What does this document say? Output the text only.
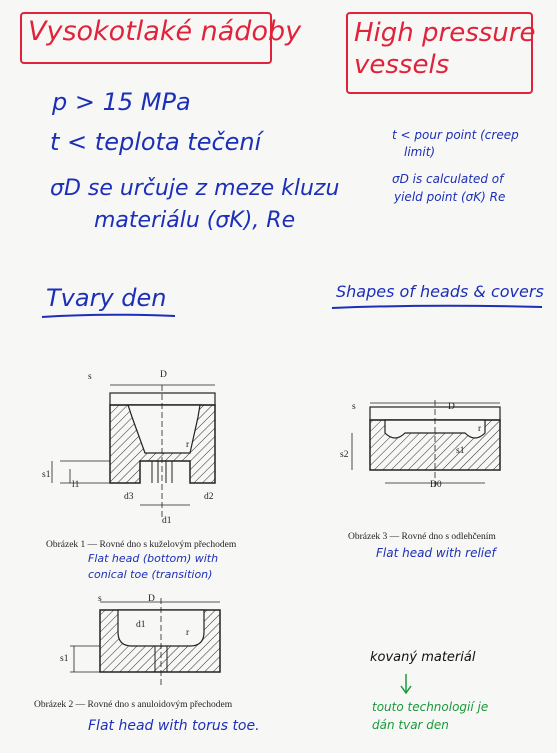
Vysokotlaké nádoby High pressure
vessels
p > 15 MPa
t < teplota tečení
σD se určuje z meze kluzu
materiálu (σK), Re
t < pour point (creep
limit)
σD is calculated of
yield point (σK) Re
Tvary den	Shapes of heads & covers
s	D
r
s1
l1
d3	d2
d1
Obrázek 1 — Rovné dno s kuželovým přechodem
Flat head (bottom) with
conical toe (transition)
s	D
r
s2	s1
D0
Obrázek 3 — Rovné dno s odlehčením
Flat head with relief
s	D
d1
r
s1
Obrázek 2 — Rovné dno s anuloidovým přechodem
Flat head with torus toe.
kovaný materiál
touto technologií je
dán tvar den
